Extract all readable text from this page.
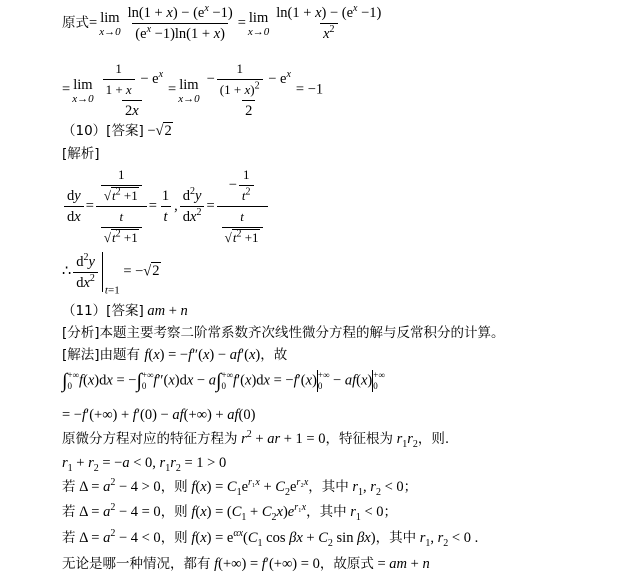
原式= lim
$x\to 0 \frac{\ln(1 + x) - (e^x -1)}{(e^x -1)\ln(1 + x)} = \lim$
$x\to 0 \frac{\ln(1 + x) - (e^x -1)}{x^2}$
= lim
$x\to 0 \frac{\frac{1}{1 + x} - e^x}{2x} = \lim$
$x\to 0 \frac{- \frac{1}{(1 + x)^2} - e^x}{2} = -1$
（10）[答案] −√2
[解析]
$\frac{dy}{dx} = \frac{\frac{1}{√t^2 +1}}{\frac{t}{√t^2 +1}} = \frac{1}{t}$ , $\frac{d^2y}{dx^2} = \frac{- \frac{1}{t^2}}{\frac{t}{√t^2 +1}}$
∴ $\frac{d^2y}{dx^2} _{t=1} = -√2$
（11）[答案] am + n
[分析]本题主要考察二阶常系数齐次线性微分方程的解与反常积分的计算。
[解法]由题有 f(x) = −f″(x) − af′(x)，故
∫ +∞
0 f(x)dx = −∫ +∞
0 f″(x)dx − a∫ +∞
0 f′(x)dx = −f′(x) +∞
0 − af(x) +∞
0
= −f′(+∞) + f′(0) − af(+∞) + af(0)
原微分方程对应的特征方程为 $r^2$ + ar + 1 = 0，特征根为 $r_1r_2$，则.
$r_1 + r_2 = -a < 0$, $r_1r_2 = 1 > 0$
若 $\Delta = a^2 - 4 > 0$，则 $f(x) = C_1e^{r_1x} + C_2e^{r_2x}$，其中 $r_1$, $r_2 < 0$；
若 $\Delta = a^2 - 4 = 0$，则 $f(x) = (C_1 + C_2x)e^{r_1x}$，其中 $r_1 < 0$；
若 $\Delta = a^2 - 4 < 0$，则 $f(x) = e^{\alpha x}(C_1$ $\cos \beta x + C_2$ sin βx)，其中 $r_1$, $r_2 < 0$ .
无论是哪一种情况，都有 f(+∞) = f′(+∞) = 0，故原式 = am + n
